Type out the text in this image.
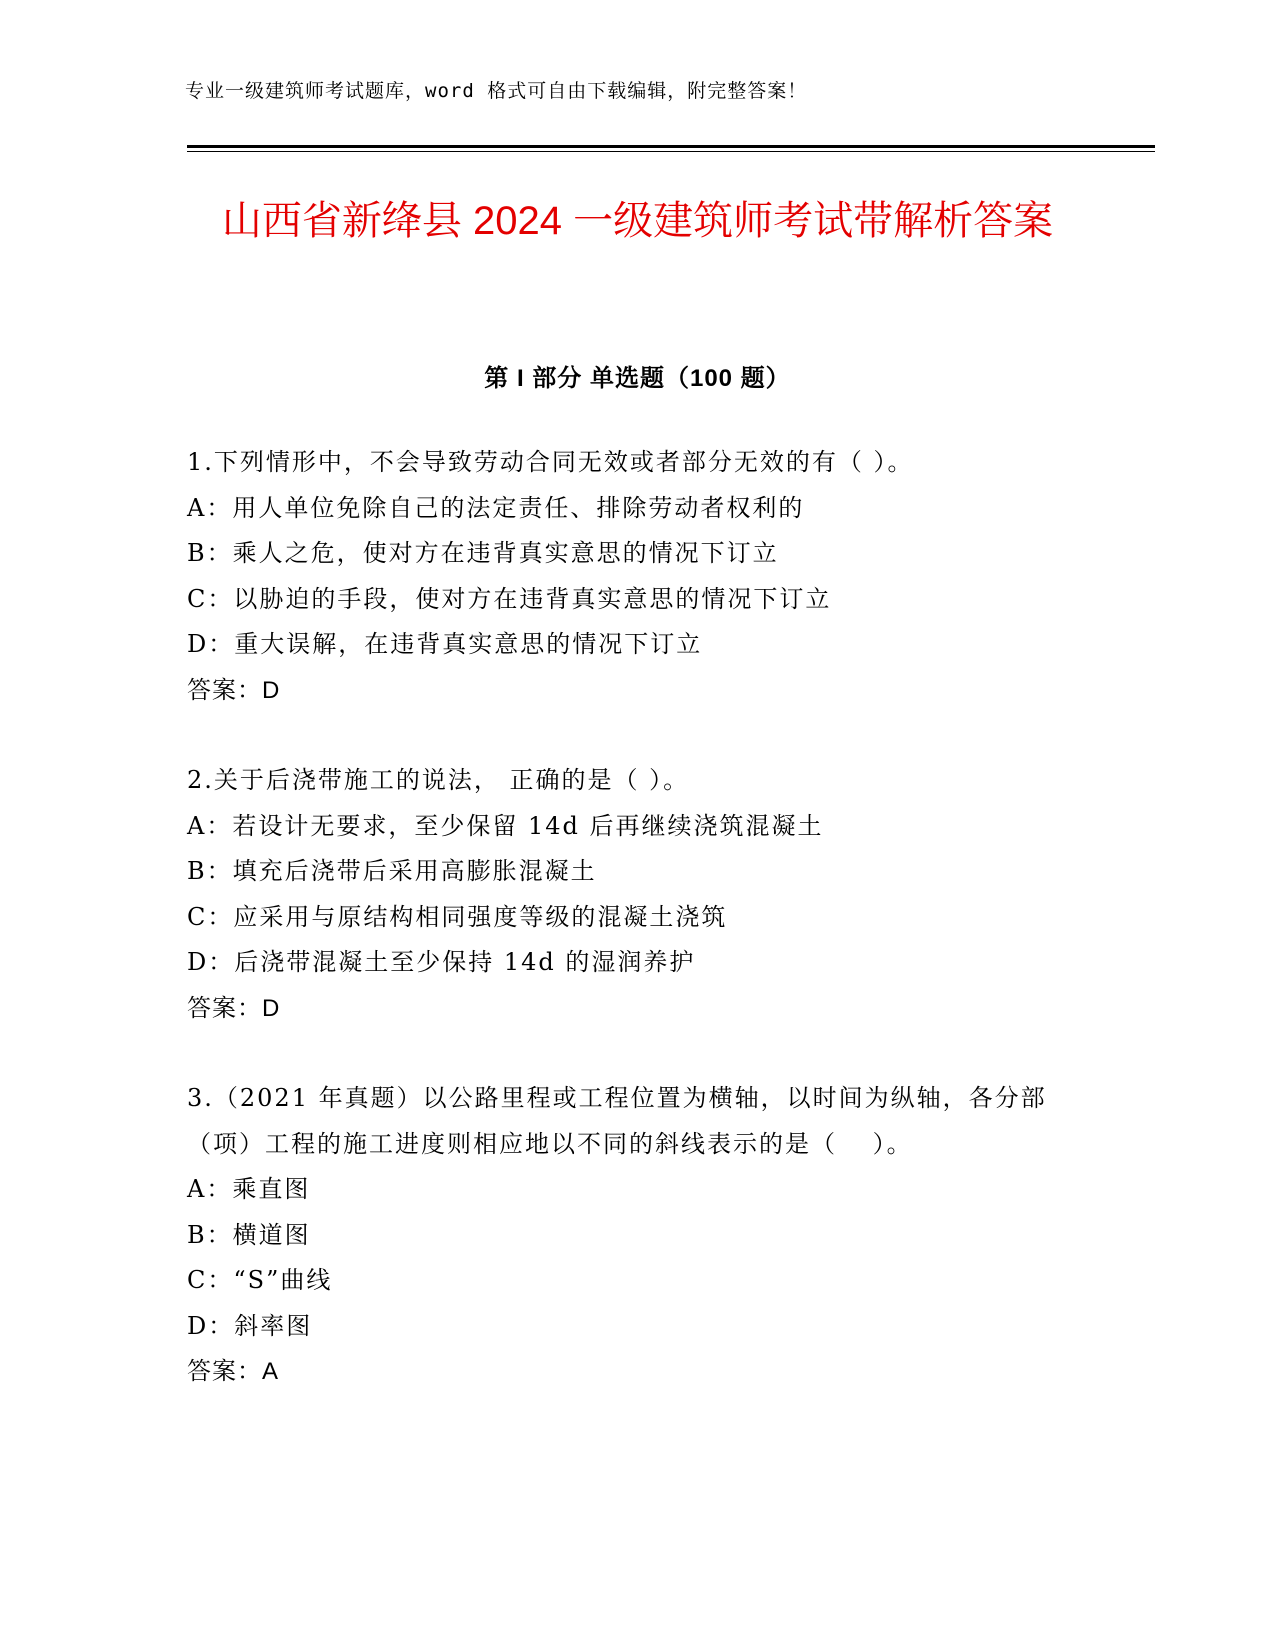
专业一级建筑师考试题库，word 格式可自由下载编辑，附完整答案！
山西省新绛县 2024 一级建筑师考试带解析答案
第 I 部分 单选题（100 题）

1.下列情形中，不会导致劳动合同无效或者部分无效的有（ ）。

A：用人单位免除自己的法定责任、排除劳动者权利的

B：乘人之危，使对方在违背真实意思的情况下订立

C：以胁迫的手段，使对方在违背真实意思的情况下订立

D：重大误解，在违背真实意思的情况下订立

答案：D

2.关于后浇带施工的说法， 正确的是（ ）。

A：若设计无要求，至少保留 14d 后再继续浇筑混凝土

B：填充后浇带后采用高膨胀混凝土

C：应采用与原结构相同强度等级的混凝土浇筑

D：后浇带混凝土至少保持 14d 的湿润养护

答案：D

3.（2021 年真题）以公路里程或工程位置为横轴，以时间为纵轴，各分部（项）工程的施工进度则相应地以不同的斜线表示的是（　 ）。

A：乘直图

B：横道图

C：“S”曲线

D：斜率图

答案：A
